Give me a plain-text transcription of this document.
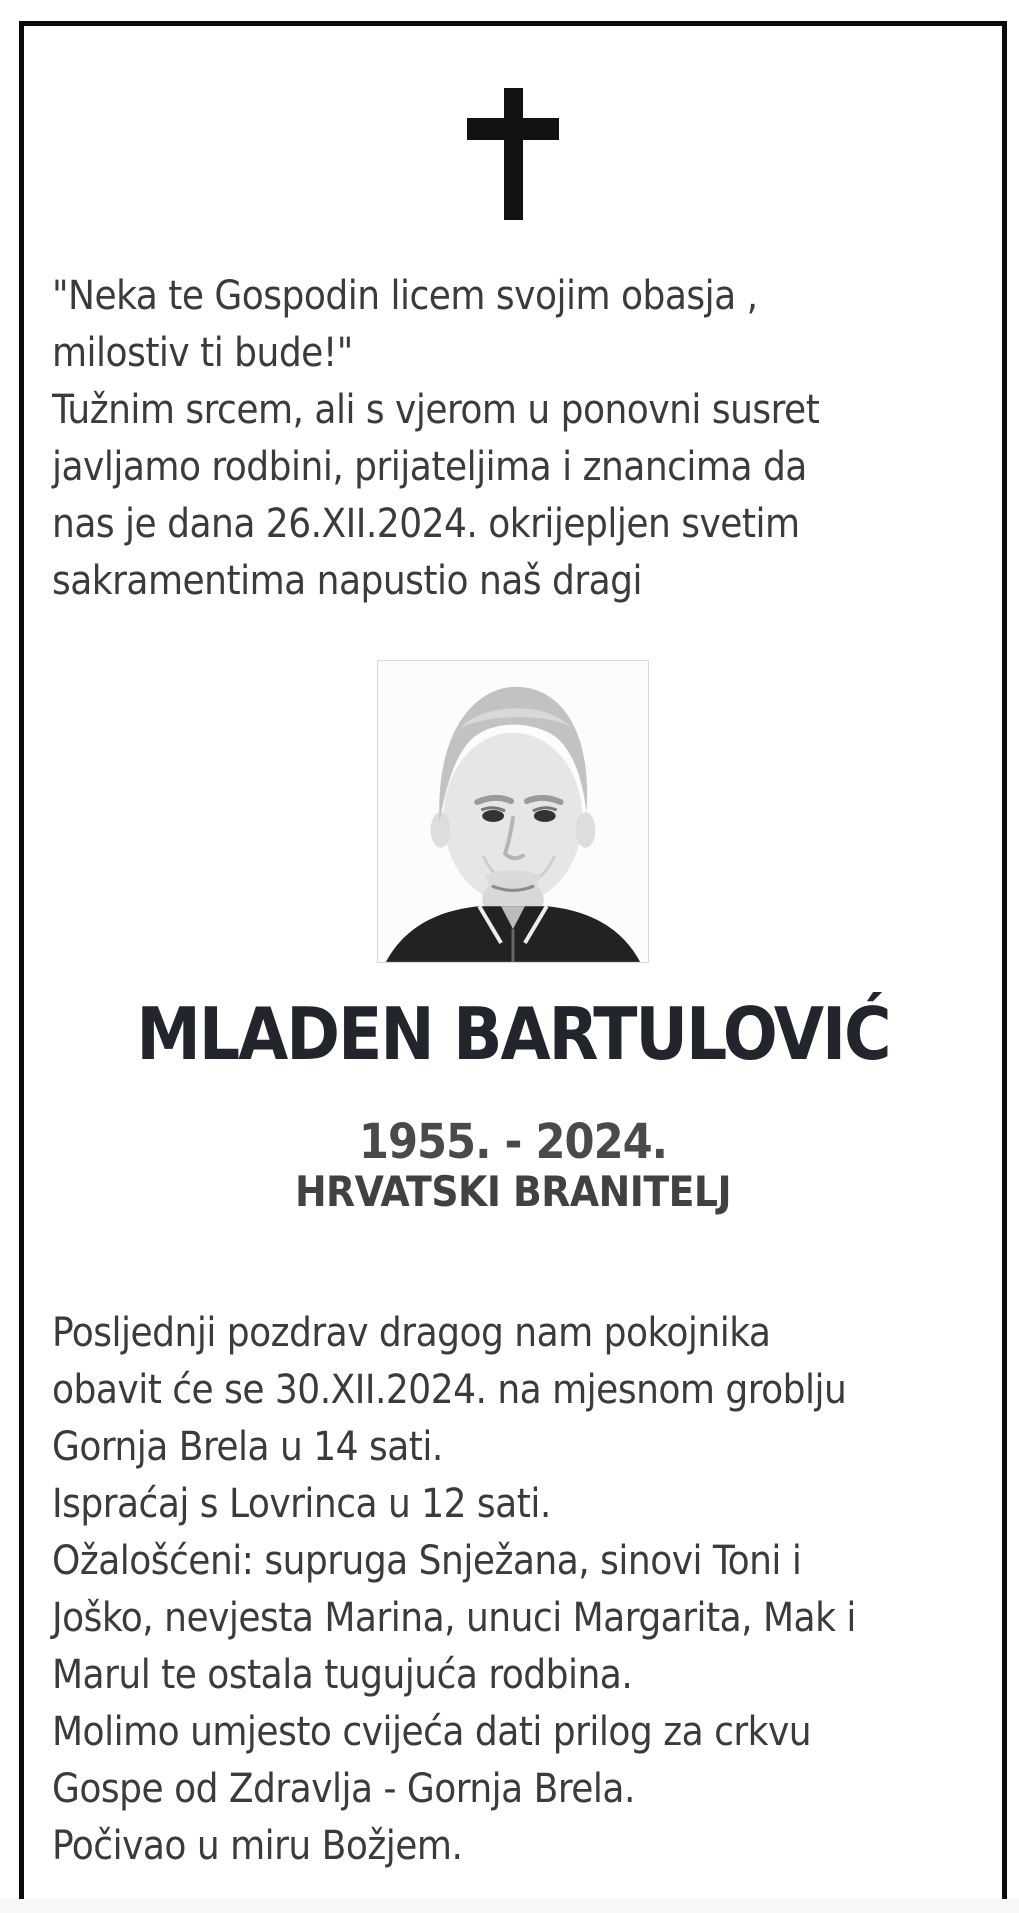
"Neka te Gospodin licem svojim obasja ,
milostiv ti bude!"
Tužnim srcem, ali s vjerom u ponovni susret
javljamo rodbini, prijateljima i znancima da
nas je dana 26.XII.2024. okrijepljen svetim
sakramentima napustio naš dragi
MLADEN BARTULOVIĆ
1955. - 2024.
HRVATSKI BRANITELJ
Posljednji pozdrav dragog nam pokojnika
obavit će se 30.XII.2024. na mjesnom groblju
Gornja Brela u 14 sati.
Ispraćaj s Lovrinca u 12 sati.
Ožalošćeni: supruga Snježana, sinovi Toni i
Joško, nevjesta Marina, unuci Margarita, Mak i
Marul te ostala tugujuća rodbina.
Molimo umjesto cvijeća dati prilog za crkvu
Gospe od Zdravlja - Gornja Brela.
Počivao u miru Božjem.
